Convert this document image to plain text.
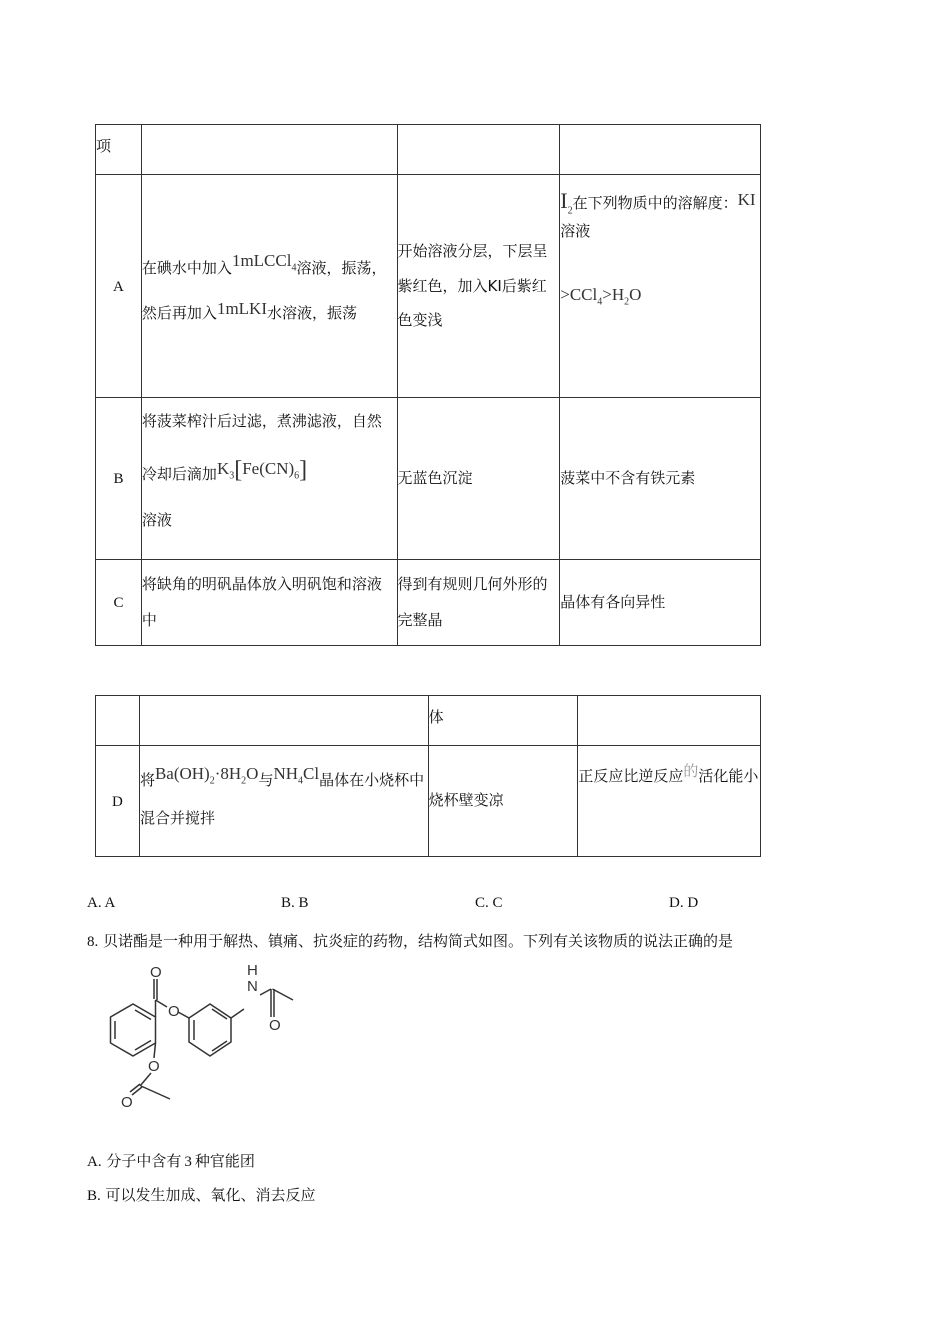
项			
A	在碘水中加入1mLCCl$_4$溶液，振荡，然后再加入1mLKI水溶液，振荡	开始溶液分层，下层呈紫红色，加入KI后紫红色变浅	$I_2$在下列物质中的溶解度：KI溶液
$>CCl_4>H_2O$

B	将菠菜榨汁后过滤，煮沸滤液，自然冷却后滴加$K_3[Fe(CN)_6]$
溶液	无蓝色沉淀	菠菜中不含有铁元素
C	将缺角的明矾晶体放入明矾饱和溶液中	得到有规则几何外形的完整晶	晶体有各向异性
		体	
D	将$Ba(OH)_2\cdot 8H_2O$与$NH_4Cl$晶体在小烧杯中混合并搅拌	烧杯壁变凉	正反应比逆反应的活化能小
A. A	B. B	C. C	D. D
8. 贝诺酯是一种用于解热、镇痛、抗炎症的药物，结构简式如图。下列有关该物质的说法正确的是
H
N
O
O
O
O
O
A. 分子中含有 3 种官能团
B. 可以发生加成、氧化、消去反应
